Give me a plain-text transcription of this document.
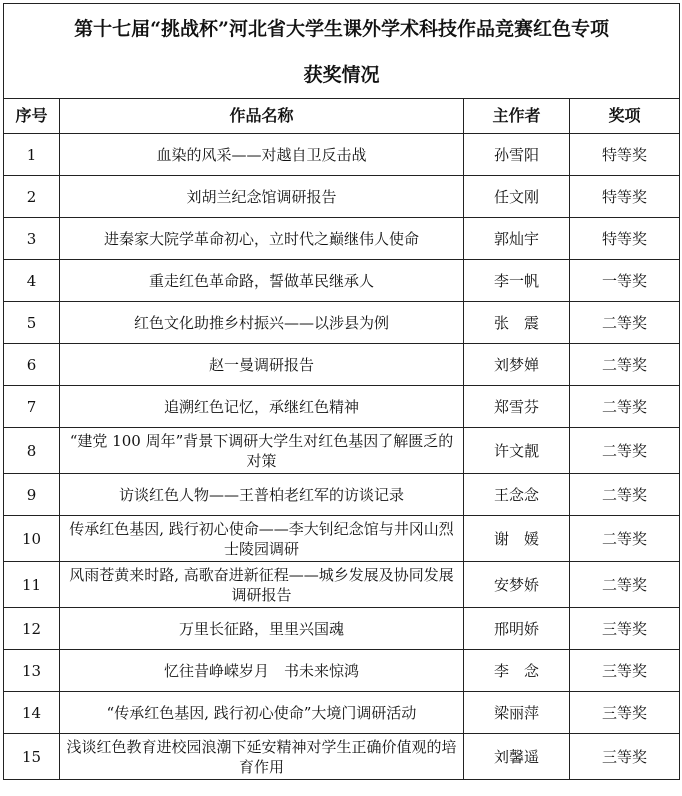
第十七届“挑战杯”河北省大学生课外学术科技作品竞赛红色专项
获奖情况			

序号	作品名称	主作者	奖项
1	血染的风采——对越自卫反击战	孙雪阳	特等奖
2	刘胡兰纪念馆调研报告	任文刚	特等奖
3	进秦家大院学革命初心，立时代之巅继伟人使命	郭灿宇	特等奖
4	重走红色革命路，誓做革民继承人	李一帆	一等奖
5	红色文化助推乡村振兴——以涉县为例	张　震	二等奖
6	赵一曼调研报告	刘梦婵	二等奖
7	追溯红色记忆，承继红色精神	郑雪芬	二等奖
8	“建党 100 周年”背景下调研大学生对红色基因了解匮乏的对策	许文靓	二等奖
9	访谈红色人物——王普柏老红军的访谈记录	王念念	二等奖
10	传承红色基因, 践行初心使命——李大钊纪念馆与井冈山烈士陵园调研	谢　媛	二等奖
11	风雨苍黄来时路, 高歌奋进新征程——城乡发展及协同发展调研报告	安梦娇	二等奖
12	万里长征路，里里兴国魂	邢明娇	三等奖
13	忆往昔峥嵘岁月　书未来惊鸿	李　念	三等奖
14	“传承红色基因, 践行初心使命”大境门调研活动	梁丽萍	三等奖
15	浅谈红色教育进校园浪潮下延安精神对学生正确价值观的培育作用	刘馨遥	三等奖
